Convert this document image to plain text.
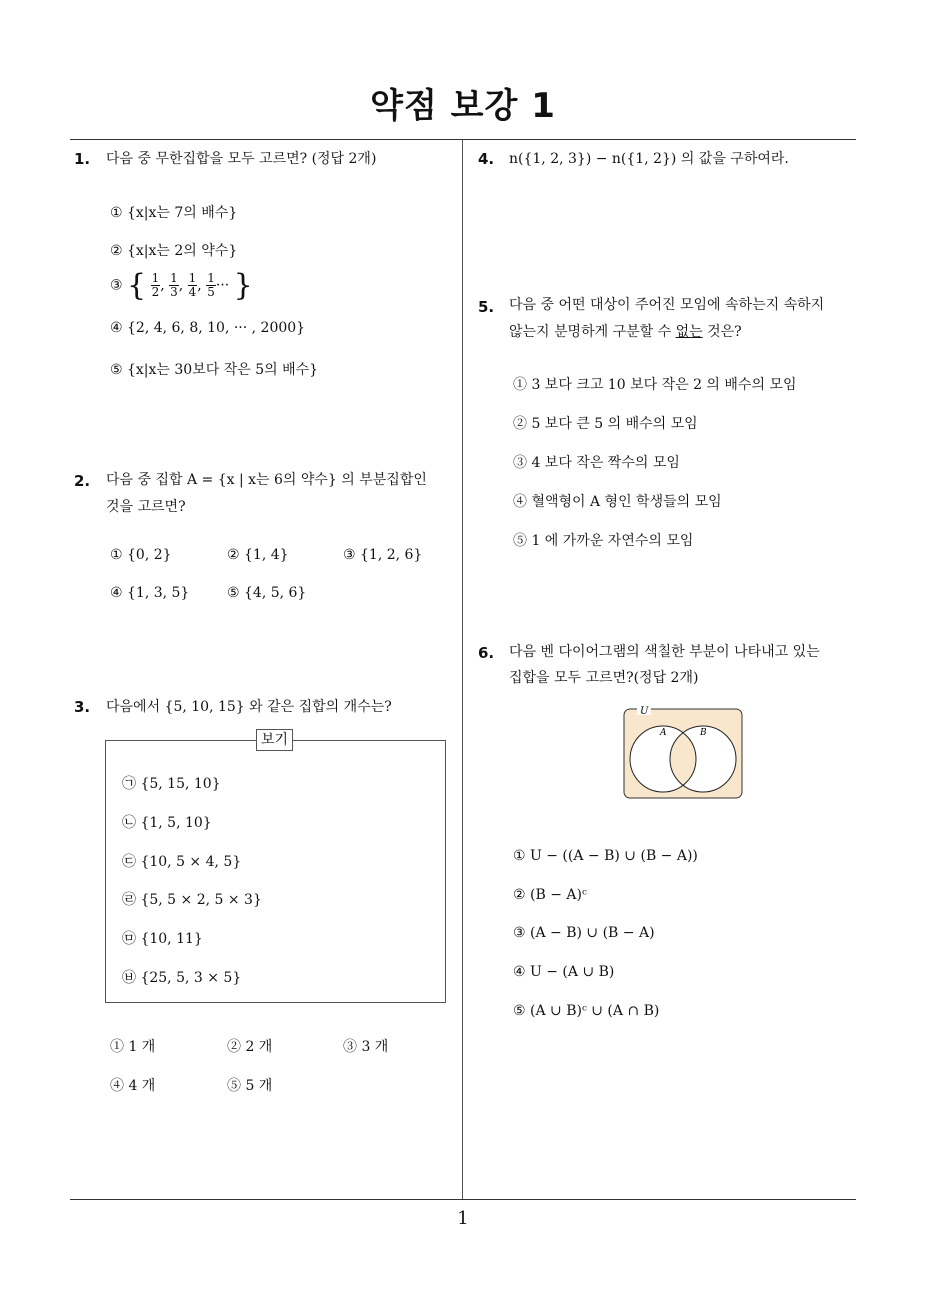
약점 보강 1
1. 다음 중 무한집합을 모두 고르면? (정답 2개)
① {x|x는 7의 배수}
② {x|x는 2의 약수}
③ { $\frac{1}{2}$ , $\frac{1}{3}$ , $\frac{1}{4}$ , $\frac{1}{5}$ ··· }
④ {2, 4, 6, 8, 10, ··· , 2000}
⑤ {x|x는 30보다 작은 5의 배수}
2. 다음 중 집합 A = {x | x는 6의 약수} 의 부분집합인
것을 고르면?
① {0, 2}	② {1, 4}	③ {1, 2, 6}
④ {1, 3, 5}	⑤ {4, 5, 6}
3. 다음에서 {5, 10, 15} 와 같은 집합의 개수는?
보기
㉠ {5, 15, 10}
㉡ {1, 5, 10}
㉢ {10, 5 × 4, 5}
㉣ {5, 5 × 2, 5 × 3}
㉤ {10, 11}
㉥ {25, 5, 3 × 5}
① 1 개	② 2 개	③ 3 개
④ 4 개	⑤ 5 개
4. n({1, 2, 3}) − n({1, 2}) 의 값을 구하여라.
5. 다음 중 어떤 대상이 주어진 모임에 속하는지 속하지
않는지 분명하게 구분할 수 없는 것은?
① 3 보다 크고 10 보다 작은 2 의 배수의 모임
② 5 보다 큰 5 의 배수의 모임
③ 4 보다 작은 짝수의 모임
④ 혈액형이 A 형인 학생들의 모임
⑤ 1 에 가까운 자연수의 모임
6. 다음 벤 다이어그램의 색칠한 부분이 나타내고 있는
집합을 모두 고르면?(정답 2개)
U
A	B
① U − ((A − B) ∪ (B − A))
② (B − A)ᶜ
③ (A − B) ∪ (B − A)
④ U − (A ∪ B)
⑤ (A ∪ B)ᶜ ∪ (A ∩ B)
1
